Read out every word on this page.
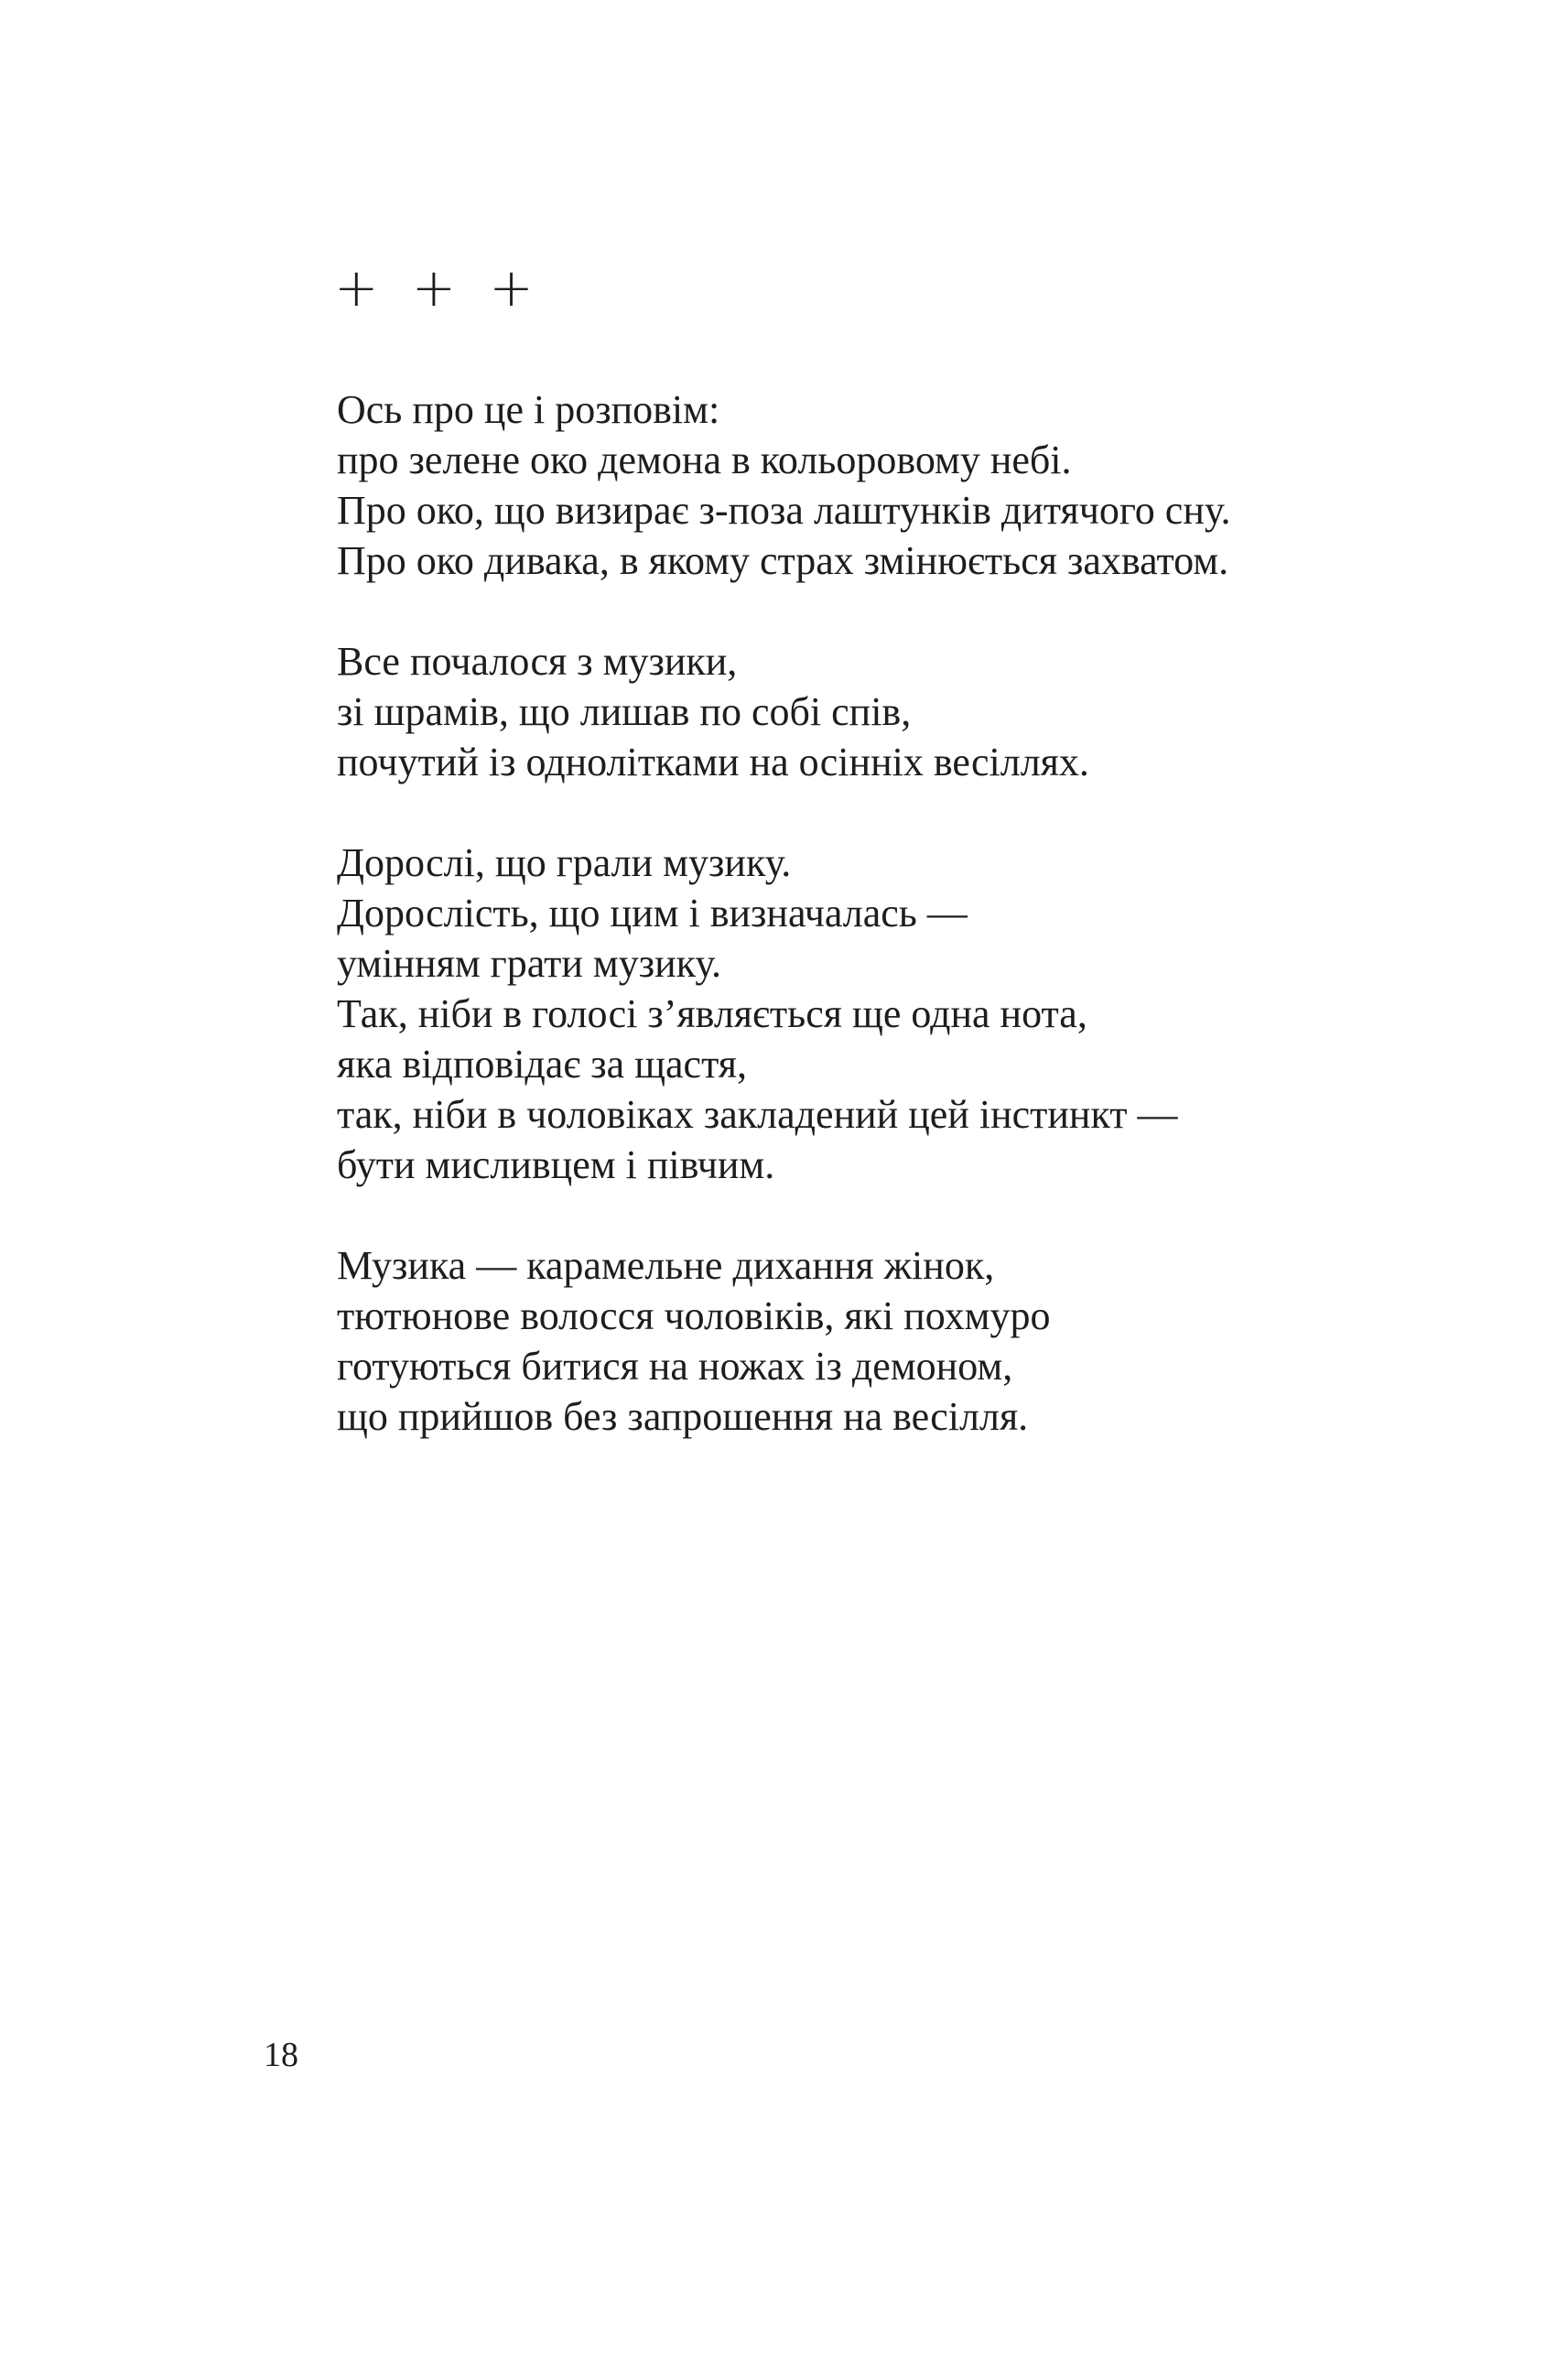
+ + +
Ось про це і розповім:
про зелене око демона в кольоровому небі.
Про око, що визирає з-поза лаштунків дитячого сну.
Про око дивака, в якому страх змінюється захватом.
Все почалося з музики,
зі шрамів, що лишав по собі спів,
почутий із однолітками на осінніх весіллях.
Дорослі, що грали музику.
Дорослість, що цим і визначалась —
умінням грати музику.
Так, ніби в голосі з’являється ще одна нота,
яка відповідає за щастя,
так, ніби в чоловіках закладений цей інстинкт —
бути мисливцем і півчим.
Музика — карамельне дихання жінок,
тютюнове волосся чоловіків, які похмуро
готуються битися на ножах із демоном,
що прийшов без запрошення на весілля.
18
